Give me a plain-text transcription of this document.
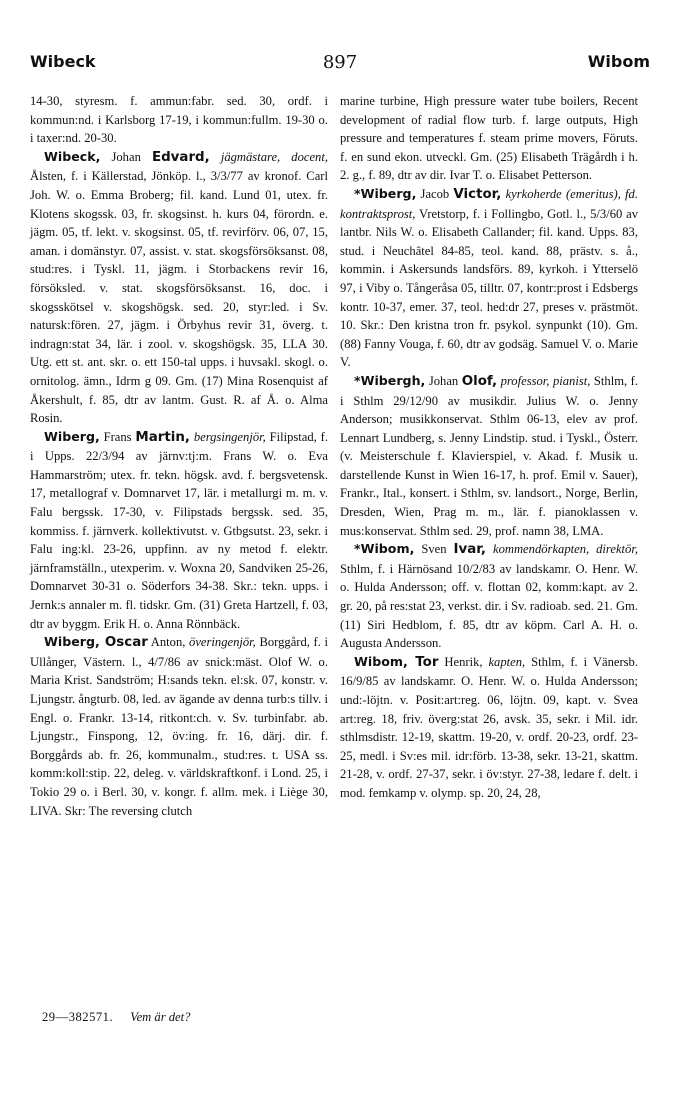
Wibeck	897	Wibom

14-30, styresm. f. ammun:fabr. sed. 30, ordf. i kommun:nd. i Karlsborg 17-19, i kommun:fullm. 19-30 o. i taxer:nd. 20-30.

Wibeck, Johan Edvard, jägmästare, docent, Ålsten, f. i Källerstad, Jönköp. l., 3/3/77 av kronof. Carl Joh. W. o. Emma Broberg; fil. kand. Lund 01, utex. fr. Klotens skogssk. 03, fr. skogsinst. h. kurs 04, förordn. e. jägm. 05, tf. lekt. v. skogsinst. 05, tf. revirförv. 06, 07, 15, aman. i domänstyr. 07, assist. v. stat. skogsförsöksanst. 08, stud:res. i Tyskl. 11, jägm. i Storbackens revir 16, försöksled. v. stat. skogsförsöksanst. 16, doc. i skogsskötsel v. skogshögsk. sed. 20, styr:led. i Sv. natursk:fören. 27, jägm. i Örbyhus revir 31, överg. t. indragn:stat 34, lär. i zool. v. skogshögsk. 35, LLA 30. Utg. ett st. ant. skr. o. ett 150-tal upps. i huvsakl. skogl. o. ornitolog. ämn., Idrm g 09. Gm. (17) Mina Rosenquist af Åkershult, f. 85, dtr av lantm. Gust. R. af Å. o. Alma Rosin.

Wiberg, Frans Martin, bergsingenjör, Filipstad, f. i Upps. 22/3/94 av järnv:tj:m. Frans W. o. Eva Hammarström; utex. fr. tekn. högsk. avd. f. bergsvetensk. 17, metallograf v. Domnarvet 17, lär. i metallurgi m. m. v. Falu bergssk. 17-30, v. Filipstads bergssk. sed. 35, kommiss. f. järnverk. kollektivutst. v. Gtbgsutst. 23, sekr. i Falu ing:kl. 23-26, uppfinn. av ny metod f. elektr. järnframställn., utexperim. v. Woxna 20, Sandviken 25-26, Domnarvet 30-31 o. Söderfors 34-38. Skr.: tekn. upps. i Jernk:s annaler m. fl. tidskr. Gm. (31) Greta Hartzell, f. 03, dtr av byggm. Erik H. o. Anna Rönnbäck.

Wiberg, Oscar Anton, överingenjör, Borggård, f. i Ullånger, Västern. l., 4/7/86 av snick:mäst. Olof W. o. Maria Krist. Sandström; H:sands tekn. el:sk. 07, konstr. v. Ljungstr. ångturb. 08, led. av ägande av denna turb:s tillv. i Engl. o. Frankr. 13-14, ritkont:ch. v. Sv. turbinfabr. ab. Ljungstr., Finspong, 12, öv:ing. fr. 16, därj. dir. f. Borggårds ab. fr. 26, kommunalm., stud:res. t. USA ss. komm:koll:stip. 22, deleg. v. världskraftkonf. i Lond. 25, i Tokio 29 o. i Berl. 30, v. kongr. f. allm. mek. i Liège 30, LIVA. Skr: The reversing clutch

marine turbine, High pressure water tube boilers, Recent development of radial flow turb. f. large outputs, High pressure and temperatures f. steam prime movers, Föruts. f. en sund ekon. utveckl. Gm. (25) Elisabeth Trägårdh i h. 2. g., f. 89, dtr av dir. Ivar T. o. Elisabet Petterson.

*Wiberg, Jacob Victor, kyrkoherde (emeritus), fd. kontraktsprost, Vretstorp, f. i Follingbo, Gotl. l., 5/3/60 av lantbr. Nils W. o. Elisabeth Callander; fil. kand. Upps. 83, stud. i Neuchâtel 84-85, teol. kand. 88, prästv. s. å., kommin. i Askersunds landsförs. 89, kyrkoh. i Ytterselö 97, i Viby o. Tångeråsa 05, tilltr. 07, kontr:prost i Edsbergs kontr. 10-37, emer. 37, teol. hed:dr 27, preses v. prästmöt. 10. Skr.: Den kristna tron fr. psykol. synpunkt (10). Gm. (88) Fanny Vouga, f. 60, dtr av godsäg. Samuel V. o. Marie V.

*Wibergh, Johan Olof, professor, pianist, Sthlm, f. i Sthlm 29/12/90 av musikdir. Julius W. o. Jenny Anderson; musikkonservat. Sthlm 06-13, elev av prof. Lennart Lundberg, s. Jenny Lindstip. stud. i Tyskl., Österr. (v. Meisterschule f. Klavierspiel, v. Akad. f. Musik u. darstellende Kunst in Wien 16-17, h. prof. Emil v. Sauer), Frankr., Ital., konsert. i Sthlm, sv. landsort., Norge, Berlin, Dresden, Wien, Prag m. m., lär. f. pianoklassen v. mus:konservat. Sthlm sed. 29, prof. namn 38, LMA.

*Wibom, Sven Ivar, kommendörkapten, direktör, Sthlm, f. i Härnösand 10/2/83 av landskamr. O. Henr. W. o. Hulda Andersson; off. v. flottan 02, komm:kapt. av 2. gr. 20, på res:stat 23, verkst. dir. i Sv. radioab. sed. 21. Gm. (11) Siri Hedblom, f. 85, dtr av köpm. Carl A. H. o. Augusta Andersson.

Wibom, Tor Henrik, kapten, Sthlm, f. i Vänersb. 16/9/85 av landskamr. O. Henr. W. o. Hulda Andersson; und:-löjtn. v. Posit:art:reg. 06, löjtn. 09, kapt. v. Svea art:reg. 18, friv. överg:stat 26, avsk. 35, sekr. i Mil. idr. sthlmsdistr. 12-19, skattm. 19-20, v. ordf. 20-23, ordf. 23-25, medl. i Sv:es mil. idr:förb. 13-38, sekr. 13-21, skattm. 21-28, v. ordf. 27-37, sekr. i öv:styr. 27-38, ledare f. delt. i mod. femkamp v. olymp. sp. 20, 24, 28,

29—382571. Vem är det?
